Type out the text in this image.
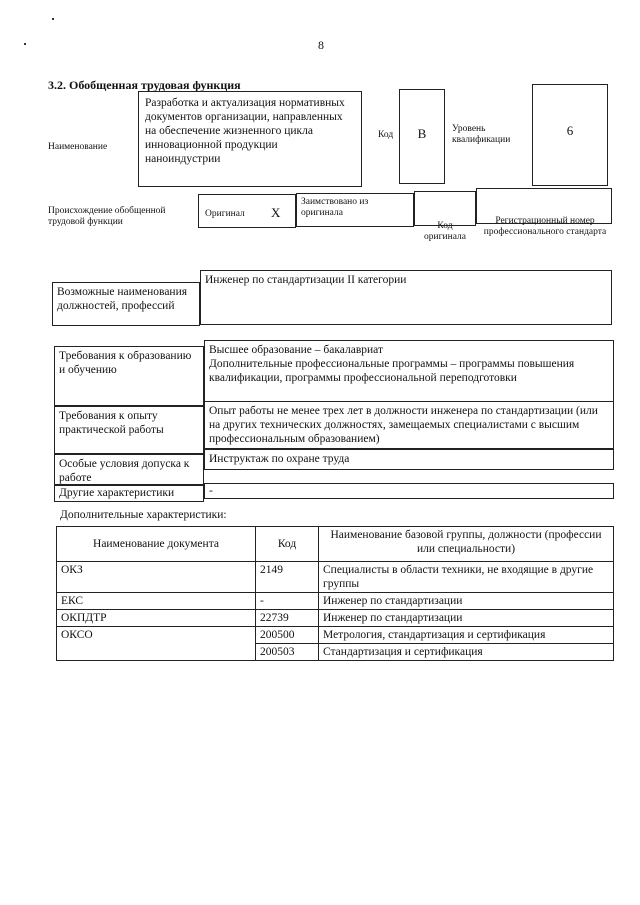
8
3.2. Обобщенная трудовая функция
Наименование
Разработка и актуализация нормативных документов организации, направленных на обеспечение жизненного цикла инновационной продукции наноиндустрии
Код	B	Уровень квалификации
6
Происхождение обобщенной трудовой функции
Оригинал X
Заимствовано из оригинала
Код оригинала
Регистрационный номер профессионального стандарта
Возможные наименования должностей, профессий
Инженер по стандартизации II категории
Требования к образованию и обучению
Высшее образование – бакалавриат
Дополнительные профессиональные программы – программы повышения квалификации, программы профессиональной переподготовки
Требования к опыту практической работы
Опыт работы не менее трех лет в должности инженера по стандартизации (или на других технических должностях, замещаемых специалистами с высшим профессиональным образованием)
Особые условия допуска к работе
Инструктаж по охране труда
Другие характеристики	-
Дополнительные характеристики:
Наименование документа	Код	Наименование базовой группы, должности (профессии или специальности)
ОКЗ	2149	Специалисты в области техники, не входящие в другие группы
ЕКС	-	Инженер по стандартизации
ОКПДТР	22739	Инженер по стандартизации
ОКСО	200500	Метрология, стандартизация и сертификация
	200503	Стандартизация и сертификация
